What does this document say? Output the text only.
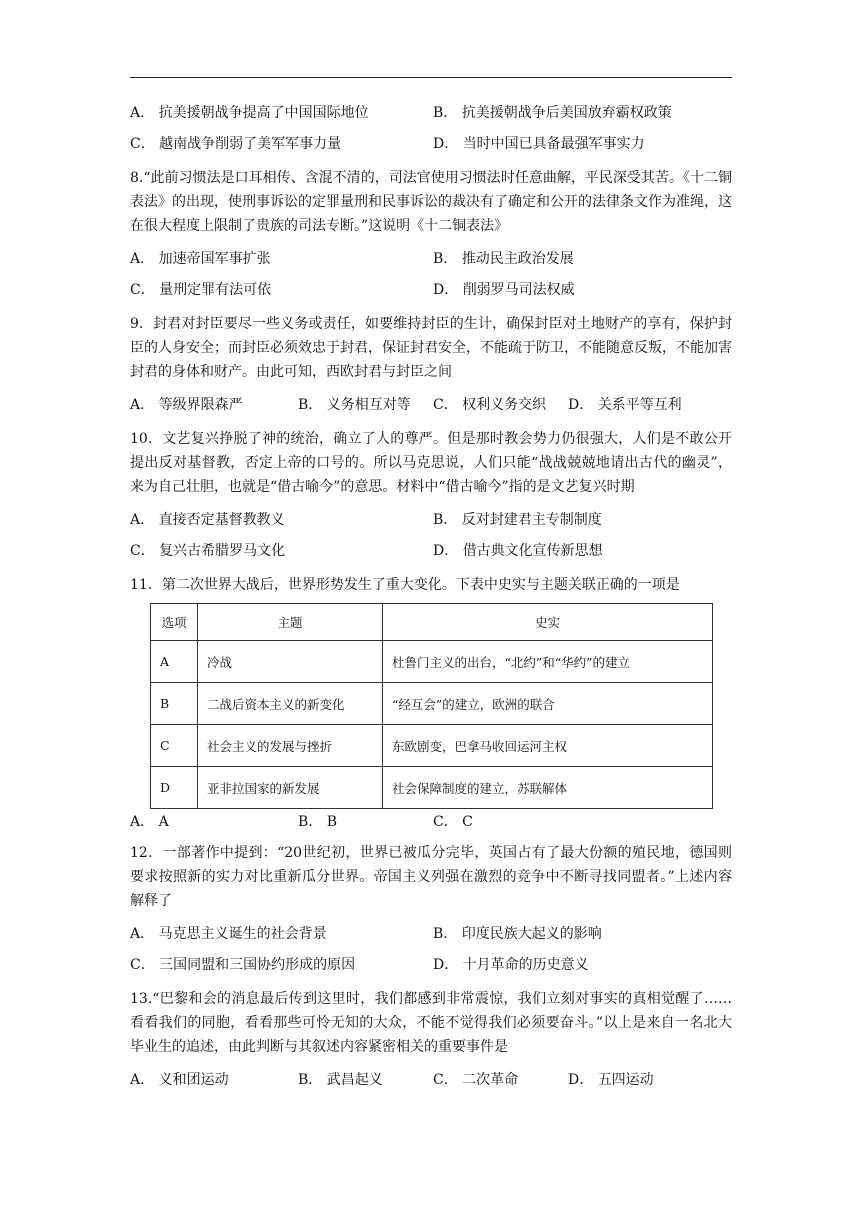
A． 抗美援朝战争提高了中国国际地位	B． 抗美援朝战争后美国放弃霸权政策
C． 越南战争削弱了美军军事力量	D． 当时中国已具备最强军事实力
8.“此前习惯法是口耳相传、含混不清的，司法官使用习惯法时任意曲解，平民深受其苦。《十二铜表法》的出现，使刑事诉讼的定罪量刑和民事诉讼的裁决有了确定和公开的法律条文作为准绳，这在很大程度上限制了贵族的司法专断。”这说明《十二铜表法》
A． 加速帝国军事扩张	B． 推动民主政治发展
C． 量刑定罪有法可依	D． 削弱罗马司法权威
9．封君对封臣要尽一些义务或责任，如要维持封臣的生计，确保封臣对土地财产的享有，保护封臣的人身安全；而封臣必须效忠于封君，保证封君安全，不能疏于防卫，不能随意反叛，不能加害封君的身体和财产。由此可知，西欧封君与封臣之间
A． 等级界限森严	B． 义务相互对等 C． 权利义务交织 D． 关系平等互利
10．文艺复兴挣脱了神的统治，确立了人的尊严。但是那时教会势力仍很强大，人们是不敢公开提出反对基督教，否定上帝的口号的。所以马克思说，人们只能“战战兢兢地请出古代的幽灵”，来为自己壮胆，也就是“借古喻今”的意思。材料中“借古喻今”指的是文艺复兴时期
A． 直接否定基督教教义	B． 反对封建君主专制制度
C． 复兴古希腊罗马文化	D． 借古典文化宣传新思想
11．第二次世界大战后，世界形势发生了重大变化。下表中史实与主题关联正确的一项是
选项	主题	史实
A	冷战	杜鲁门主义的出台，“北约”和“华约”的建立
B	二战后资本主义的新变化	“经互会”的建立，欧洲的联合
C	社会主义的发展与挫折	东欧剧变，巴拿马收回运河主权
D	亚非拉国家的新发展	社会保障制度的建立，苏联解体
A． A	B． B	C． C
12．一部著作中提到：“20世纪初，世界已被瓜分完毕，英国占有了最大份额的殖民地，德国则要求按照新的实力对比重新瓜分世界。帝国主义列强在激烈的竞争中不断寻找同盟者。”上述内容解释了
A． 马克思主义诞生的社会背景	B． 印度民族大起义的影响
C． 三国同盟和三国协约形成的原因	D． 十月革命的历史意义
13.“巴黎和会的消息最后传到这里时，我们都感到非常震惊，我们立刻对事实的真相觉醒了……看看我们的同胞，看看那些可怜无知的大众，不能不觉得我们必须要奋斗。”以上是来自一名北大毕业生的追述，由此判断与其叙述内容紧密相关的重要事件是
A． 义和团运动	B． 武昌起义	C． 二次革命	D． 五四运动
